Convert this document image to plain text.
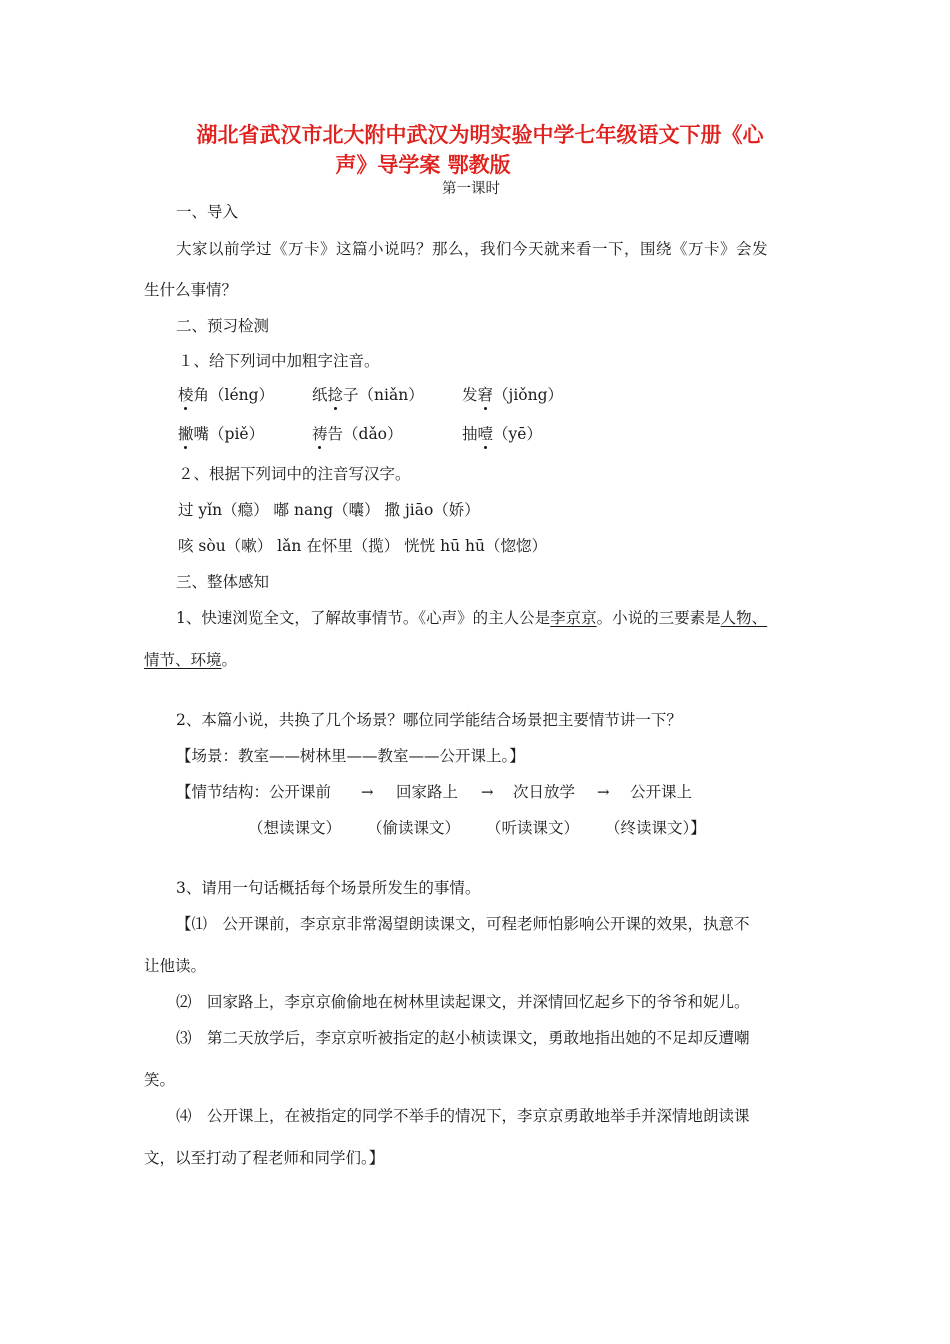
湖北省武汉市北大附中武汉为明实验中学七年级语文下册《心
声》导学案 鄂教版
第一课时
一、导入
大家以前学过《万卡》这篇小说吗？那么，我们今天就来看一下，围绕《万卡》会发
生什么事情？
二、预习检测
１、给下列词中加粗字注音。
棱角（léng） 纸捻子（niǎn） 发窘（jiǒng）
撇嘴（piě）	祷告（dǎo）	抽噎（yē）
２、根据下列词中的注音写汉字。
过 yǐn（瘾） 嘟 nang（囔） 撒 jiāo（娇）
咳 sòu（嗽） lǎn 在怀里（揽） 恍恍 hū hū（惚惚）
三、整体感知
1、快速浏览全文，了解故事情节。《心声》的主人公是李京京。小说的三要素是人物、
情节、环境。
2、本篇小说，共换了几个场景？哪位同学能结合场景把主要情节讲一下？
【场景：教室——树林里——教室——公开课上。】
【情节结构：公开课前 → 回家路上 → 次日放学 → 公开课上
（想读课文） （偷读课文） （听读课文） （终读课文）】
3、请用一句话概括每个场景所发生的事情。
【⑴　公开课前，李京京非常渴望朗读课文，可程老师怕影响公开课的效果，执意不
让他读。
⑵　回家路上，李京京偷偷地在树林里读起课文，并深情回忆起乡下的爷爷和妮儿。
⑶　第二天放学后，李京京听被指定的赵小桢读课文，勇敢地指出她的不足却反遭嘲
笑。
⑷　公开课上，在被指定的同学不举手的情况下，李京京勇敢地举手并深情地朗读课
文，以至打动了程老师和同学们。】
